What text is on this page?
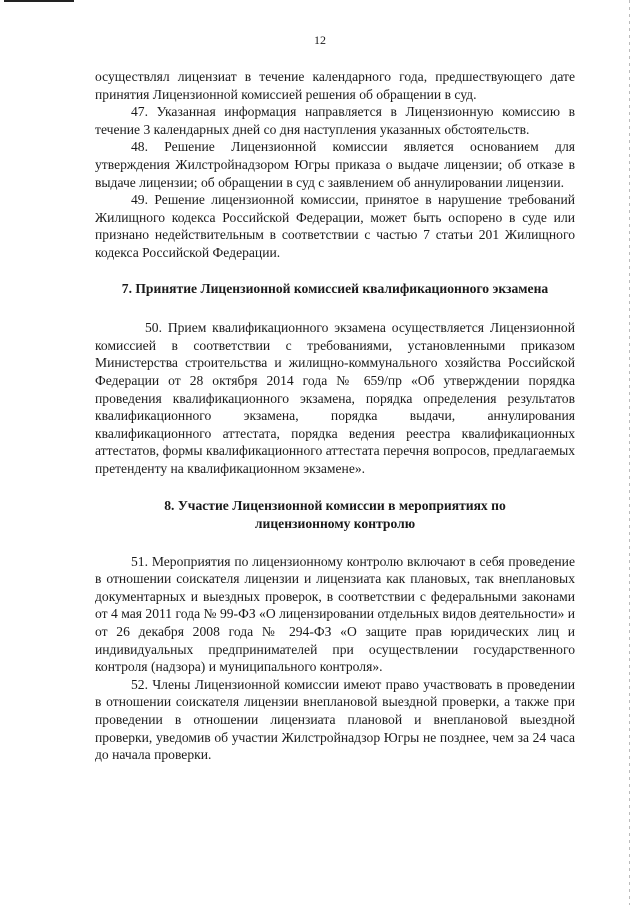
12

осуществлял лицензиат в течение календарного года, предшествующего дате принятия Лицензионной комиссией решения об обращении в суд.

47. Указанная информация направляется в Лицензионную комиссию в течение 3 календарных дней со дня наступления указанных обстоятельств.

48. Решение Лицензионной комиссии является основанием для утверждения Жилстройнадзором Югры приказа о выдаче лицензии; об отказе в выдаче лицензии; об обращении в суд с заявлением об аннулировании лицензии.

49. Решение лицензионной комиссии, принятое в нарушение требований Жилищного кодекса Российской Федерации, может быть оспорено в суде или признано недействительным в соответствии с частью 7 статьи 201 Жилищного кодекса Российской Федерации.

7. Принятие Лицензионной комиссией квалификационного экзамена

50. Прием квалификационного экзамена осуществляется Лицензионной комиссией в соответствии с требованиями, установленными приказом Министерства строительства и жилищно-коммунального хозяйства Российской Федерации от 28 октября 2014 года № 659/пр «Об утверждении порядка проведения квалификационного экзамена, порядка определения результатов квалификационного экзамена, порядка выдачи, аннулирования квалификационного аттестата, порядка ведения реестра квалификационных аттестатов, формы квалификационного аттестата перечня вопросов, предлагаемых претенденту на квалификационном экзамене».

8. Участие Лицензионной комиссии в мероприятиях по
лицензионному контролю

51. Мероприятия по лицензионному контролю включают в себя проведение в отношении соискателя лицензии и лицензиата как плановых, так внеплановых документарных и выездных проверок, в соответствии с федеральными законами от 4 мая 2011 года № 99-ФЗ «О лицензировании отдельных видов деятельности» и от 26 декабря 2008 года № 294-ФЗ «О защите прав юридических лиц и индивидуальных предпринимателей при осуществлении государственного контроля (надзора) и муниципального контроля».

52. Члены Лицензионной комиссии имеют право участвовать в проведении в отношении соискателя лицензии внеплановой выездной проверки, а также при проведении в отношении лицензиата плановой и внеплановой выездной проверки, уведомив об участии Жилстройнадзор Югры не позднее, чем за 24 часа до начала проверки.
